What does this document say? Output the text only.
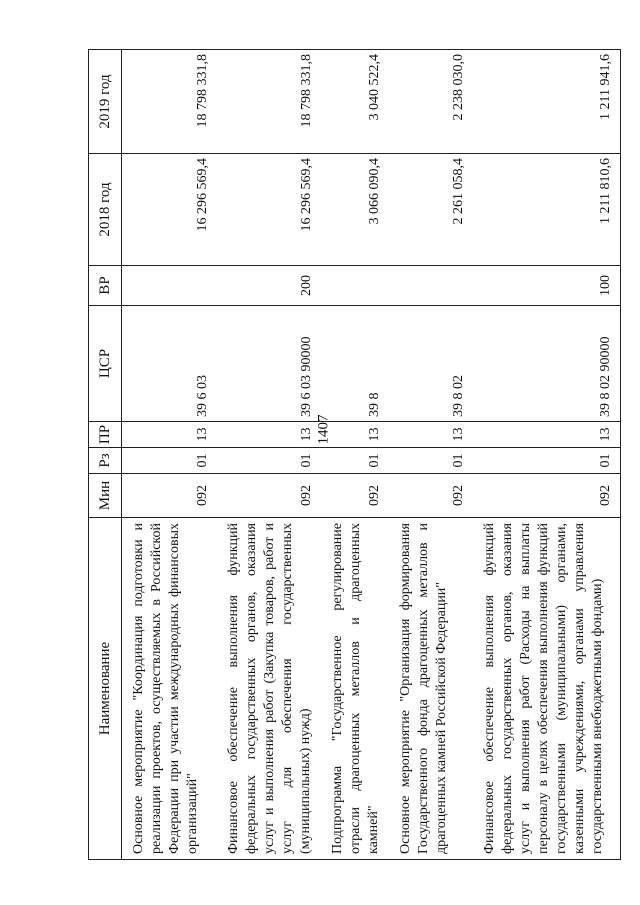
1407
Наименование	Мин	Рз	ПР	ЦСР	ВР	2018 год	2019 год
Основное мероприятие "Координация подготовки и реализации проектов, осуществляемых в Российской Федерации при участии международных финансовых организаций"	092	01	13	39 6 03		16 296 569,4	18 798 331,8
Финансовое обеспечение выполнения функций федеральных государственных органов, оказания услуг и выполнения работ (Закупка товаров, работ и услуг для обеспечения государственных (муниципальных) нужд)	092	01	13	39 6 03 90000	200	16 296 569,4	18 798 331,8
Подпрограмма "Государственное регулирование отрасли драгоценных металлов и драгоценных камней"	092	01	13	39 8		3 066 090,4	3 040 522,4
Основное мероприятие "Организация формирования Государственного фонда драгоценных металлов и драгоценных камней Российской Федерации"	092	01	13	39 8 02		2 261 058,4	2 238 030,0
Финансовое обеспечение выполнения функций федеральных государственных органов, оказания услуг и выполнения работ (Расходы на выплаты персоналу в целях обеспечения выполнения функций государственными (муниципальными) органами, казенными учреждениями, органами управления государственными внебюджетными фондами)	092	01	13	39 8 02 90000	100	1 211 810,6	1 211 941,6
